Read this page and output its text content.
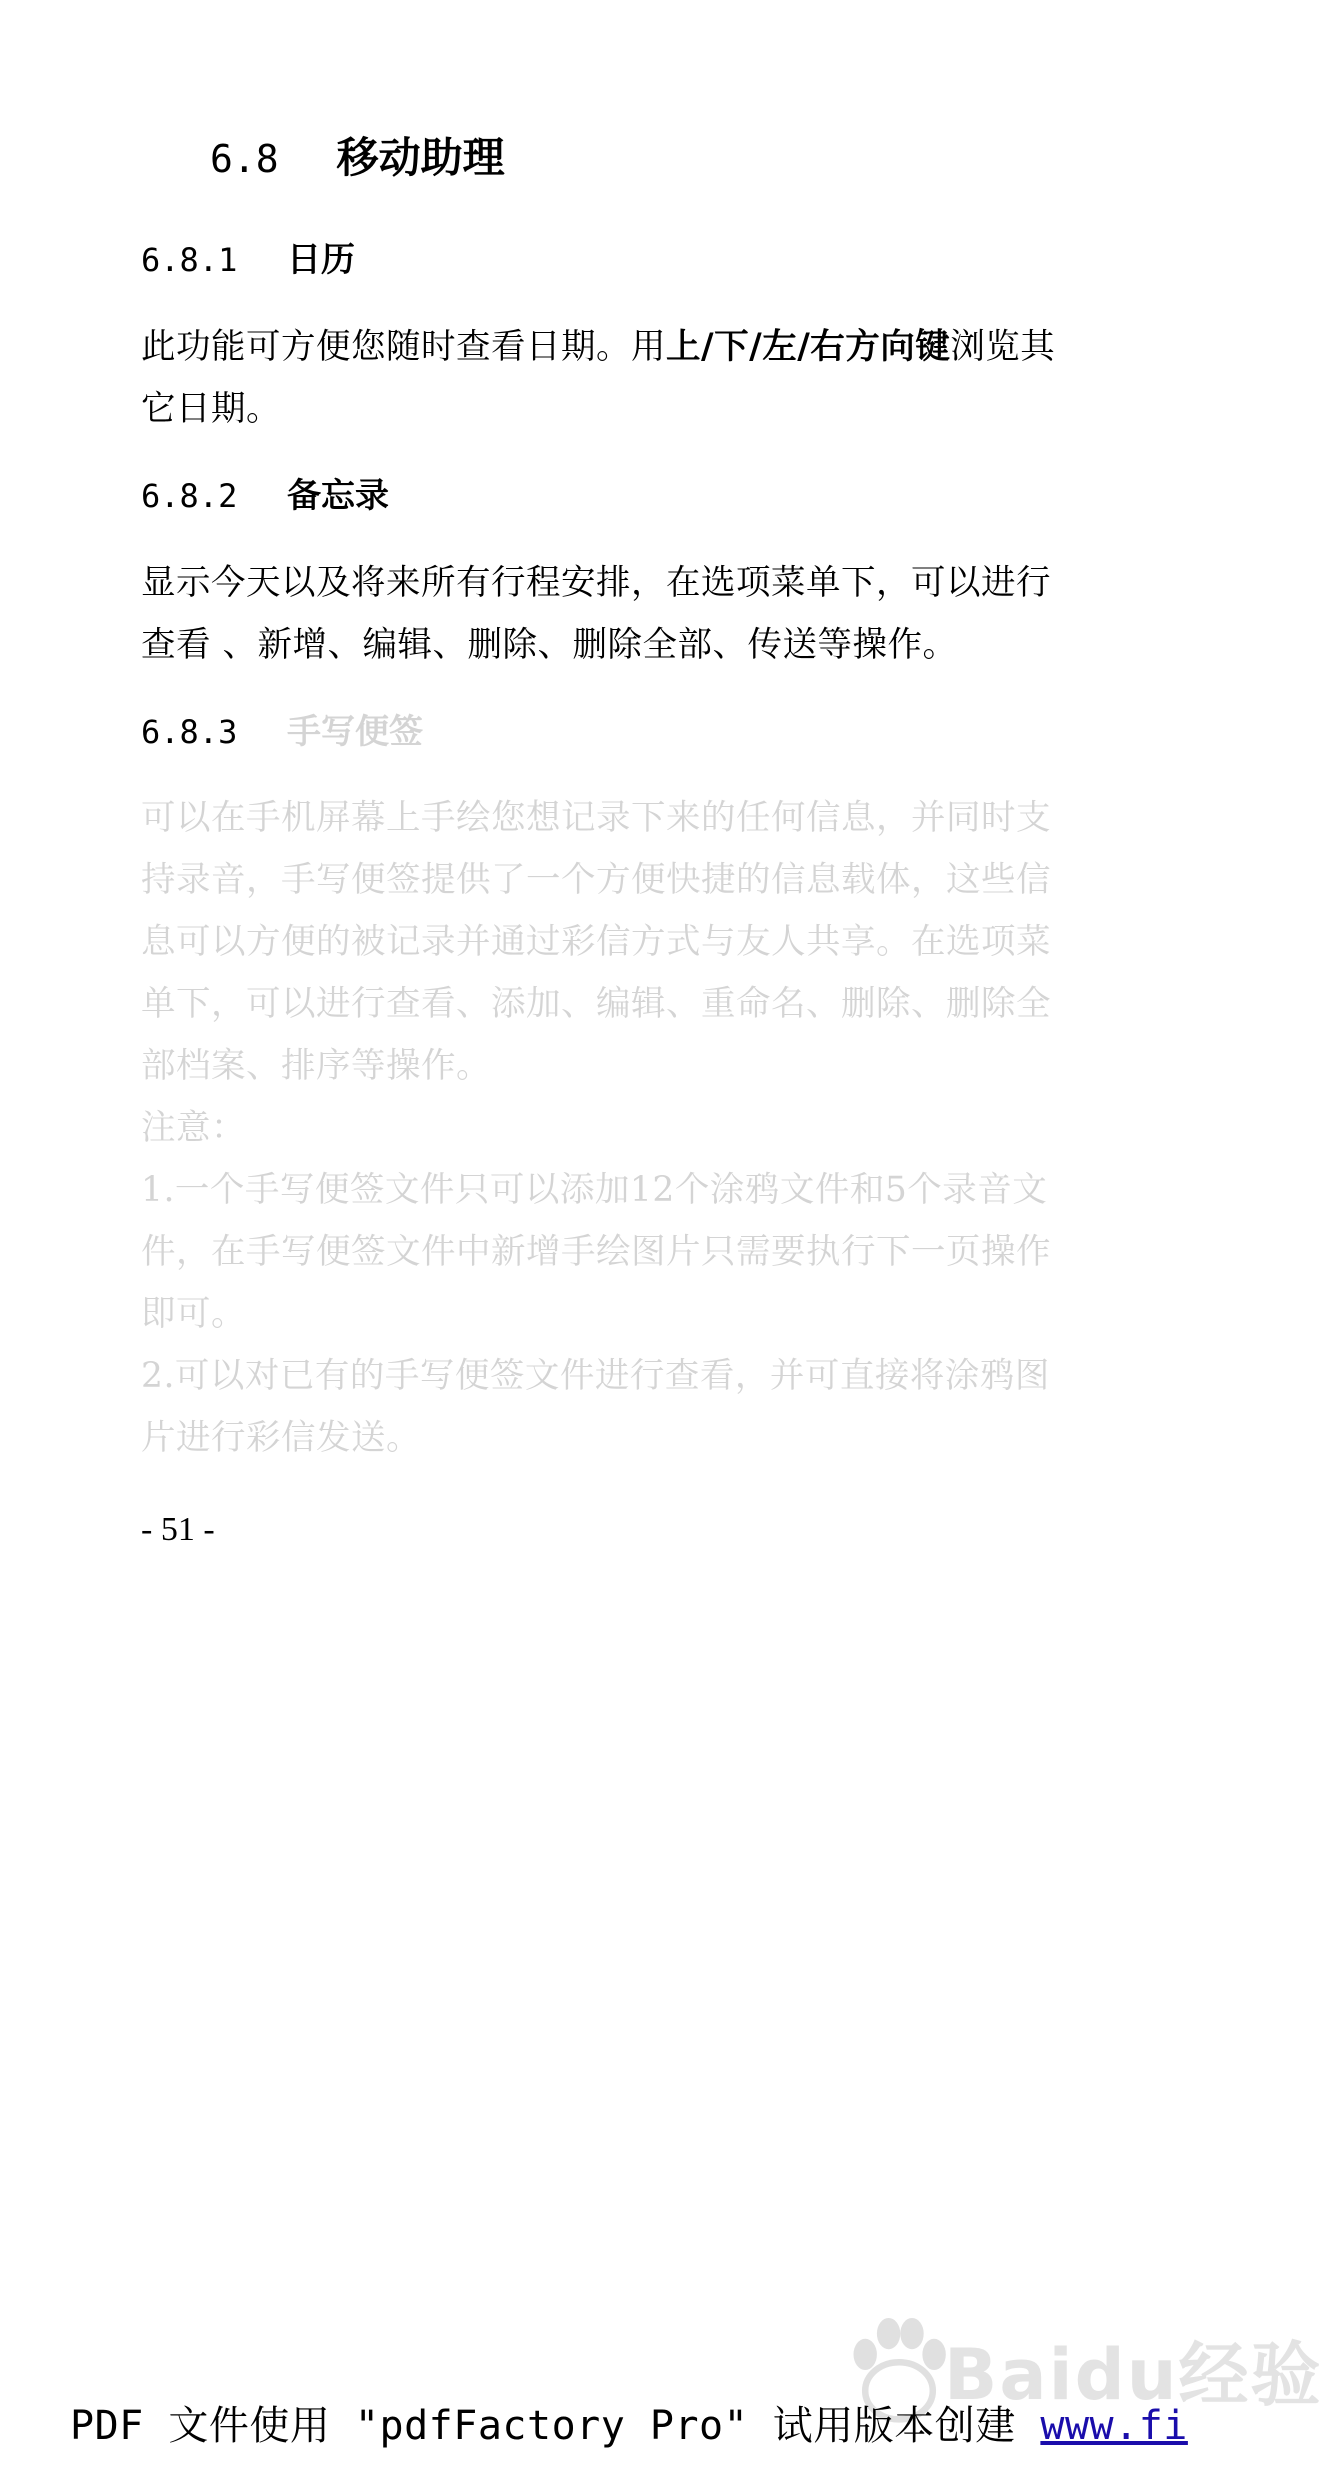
6.8 移动助理
6.8.1 日历
此功能可方便您随时查看日期。用上/下/左/右方向键浏览其
它日期。
6.8.2 备忘录
显示今天以及将来所有行程安排，在选项菜单下，可以进行
查看 、新增、编辑、删除、删除全部、传送等操作。
6.8.3 手写便签
可以在手机屏幕上手绘您想记录下来的任何信息，并同时支
持录音，手写便签提供了一个方便快捷的信息载体，这些信
息可以方便的被记录并通过彩信方式与友人共享。在选项菜
单下，可以进行查看、添加、编辑、重命名、删除、删除全
部档案、排序等操作。
注意：
1.一个手写便签文件只可以添加12个涂鸦文件和5个录音文
件，在手写便签文件中新增手绘图片只需要执行下一页操作
即可。
2.可以对已有的手写便签文件进行查看，并可直接将涂鸦图
片进行彩信发送。
- 51 -
Baidu经验
PDF 文件使用 "pdfFactory Pro" 试用版本创建 www.fi
